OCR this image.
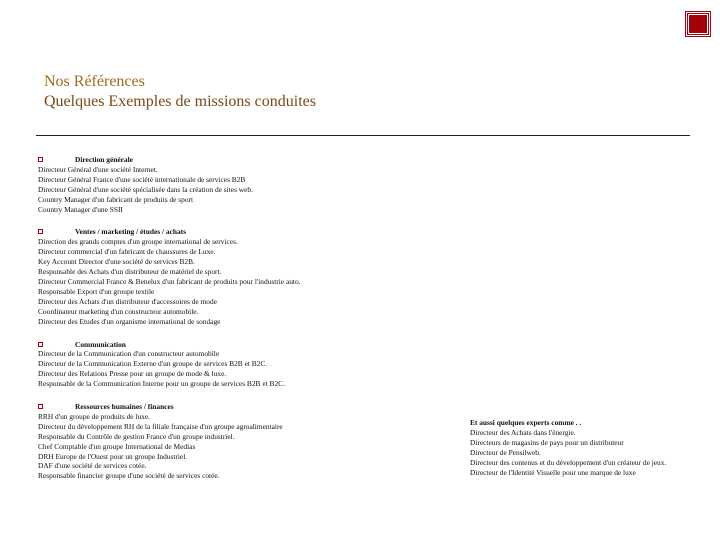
Nos Références
Quelques Exemples de missions conduites
Direction générale
Directeur Général d'une société Internet.
Directeur Général France d'une société internationale de services B2B
Directeur Général d'une société spécialisée dans la création de sites web.
Country Manager d'un fabricant de produits de sport
Country Manager d'une SSII
Ventes / marketing / études / achats
Direction des grands comptes d'un groupe international de services.
Directeur commercial d'un fabricant de chaussures de Luxe.
Key Account Director d'une société de services B2B.
Responsable des Achats d'un distributeur de matériel de sport.
Directeur Commercial France & Benelux d'un fabricant de produits pour l'industrie auto.
Responsable Export d'un groupe textile
Directeur des Achats d'un distributeur d'accessoires de mode
Coordinateur marketing d'un constructeur automobile.
Directeur des Etudes d'un organisme international de sondage
Communication
Directeur de la Communication d'un constructeur automobile
Directeur de la Communication Externe d'un groupe de services B2B et B2C.
Directeur des Relations Presse pour un groupe de mode & luxe.
Responsable de la Communication Interne pour un groupe de services B2B et B2C.
Ressources humaines / finances
RRH d'un groupe de produits de luxe.
Directeur du développement RH de la filiale française d'un groupe agroalimentaire
Responsable du Contrôle de gestion France d'un groupe industriel.
Chef Comptable d'un groupe International de Medias
DRH Europe de l'Ouest pour un groupe Industriel.
DAF d'une société de services cotée.
Responsable financier groupe d'une société de services cotée.
Et aussi quelques experts comme . .
Directeur des Achats dans l'énergie.
Directeurs de magasins de pays pour un distributeur
Directeur de Pensilweb.
Directeur des contenus et du développement d'un créateur de jeux.
Directeur de l'Identité Visuelle pour une marque de luxe
